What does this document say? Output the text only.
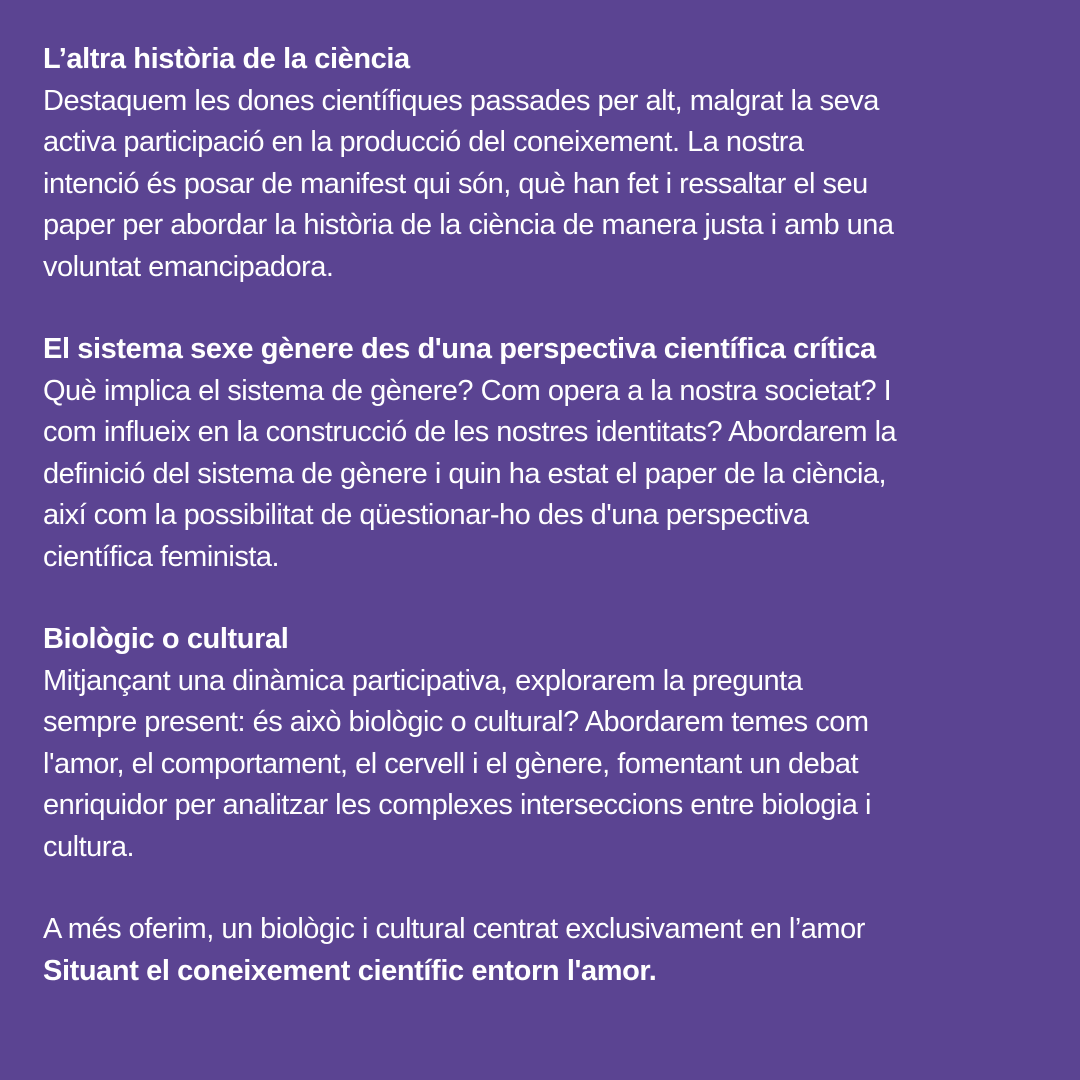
L’altra història de la ciència

Destaquem les dones científiques passades per alt, malgrat la seva
activa participació en la producció del coneixement. La nostra
intenció és posar de manifest qui són, què han fet i ressaltar el seu
paper per abordar la història de la ciència de manera justa i amb una
voluntat emancipadora.

El sistema sexe gènere des d'una perspectiva científica crítica

Què implica el sistema de gènere? Com opera a la nostra societat? I
com influeix en la construcció de les nostres identitats? Abordarem la
definició del sistema de gènere i quin ha estat el paper de la ciència,
així com la possibilitat de qüestionar-ho des d'una perspectiva
científica feminista.

Biològic o cultural

Mitjançant una dinàmica participativa, explorarem la pregunta
sempre present: és això biològic o cultural? Abordarem temes com
l'amor, el comportament, el cervell i el gènere, fomentant un debat
enriquidor per analitzar les complexes interseccions entre biologia i
cultura.

A més oferim, un biològic i cultural centrat exclusivament en l’amor

Situant el coneixement científic entorn l'amor.
